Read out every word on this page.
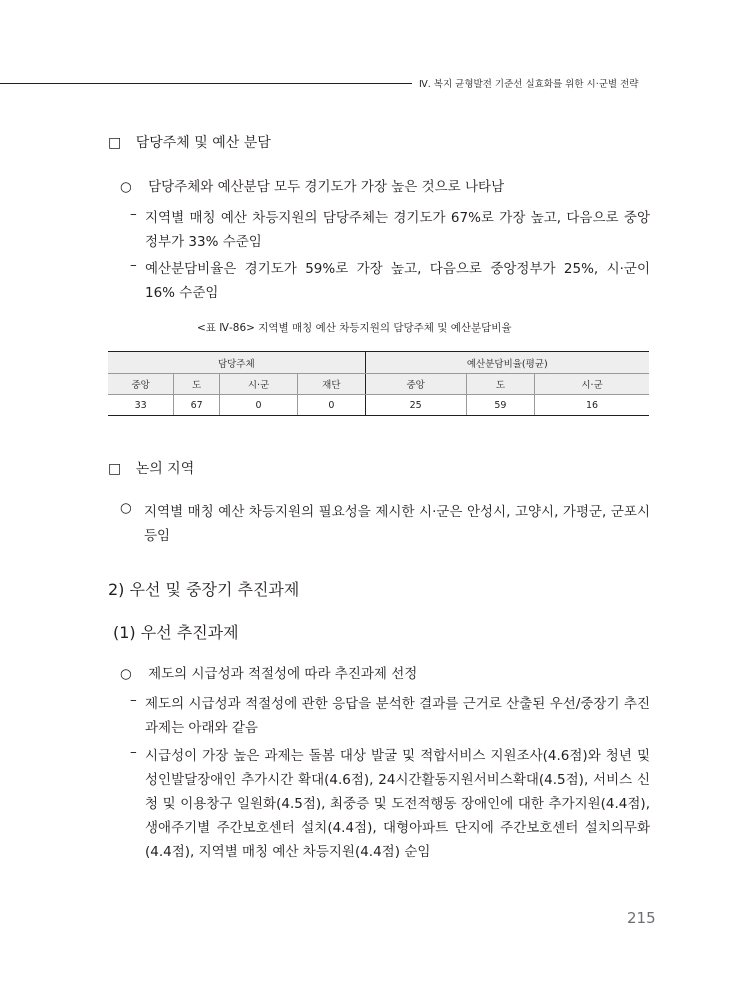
Ⅳ. 복지 균형발전 기준선 실효화를 위한 시·군별 전략
□ 담당주체 및 예산 분담
○ 담당주체와 예산분담 모두 경기도가 가장 높은 것으로 나타남
– 지역별 매칭 예산 차등지원의 담당주체는 경기도가 67%로 가장 높고, 다음으로 중앙정부가 33% 수준임
– 예산분담비율은 경기도가 59%로 가장 높고, 다음으로 중앙정부가 25%, 시·군이 16% 수준임
<표 Ⅳ-86> 지역별 매칭 예산 차등지원의 담당주체 및 예산분담비율
담당주체				예산분담비율(평균)		
중앙	도	시·군	재단	중앙	도	시·군
33	67	0	0	25	59	16
□ 논의 지역
○ 지역별 매칭 예산 차등지원의 필요성을 제시한 시·군은 안성시, 고양시, 가평군, 군포시 등임
2) 우선 및 중장기 추진과제
(1) 우선 추진과제
○ 제도의 시급성과 적절성에 따라 추진과제 선정
– 제도의 시급성과 적절성에 관한 응답을 분석한 결과를 근거로 산출된 우선/중장기 추진과제는 아래와 같음
– 시급성이 가장 높은 과제는 돌봄 대상 발굴 및 적합서비스 지원조사(4.6점)와 청년 및 성인발달장애인 추가시간 확대(4.6점), 24시간활동지원서비스확대(4.5점), 서비스 신청 및 이용창구 일원화(4.5점), 최중증 및 도전적행동 장애인에 대한 추가지원(4.4점), 생애주기별 주간보호센터 설치(4.4점), 대형아파트 단지에 주간보호센터 설치의무화(4.4점), 지역별 매칭 예산 차등지원(4.4점) 순임
215
